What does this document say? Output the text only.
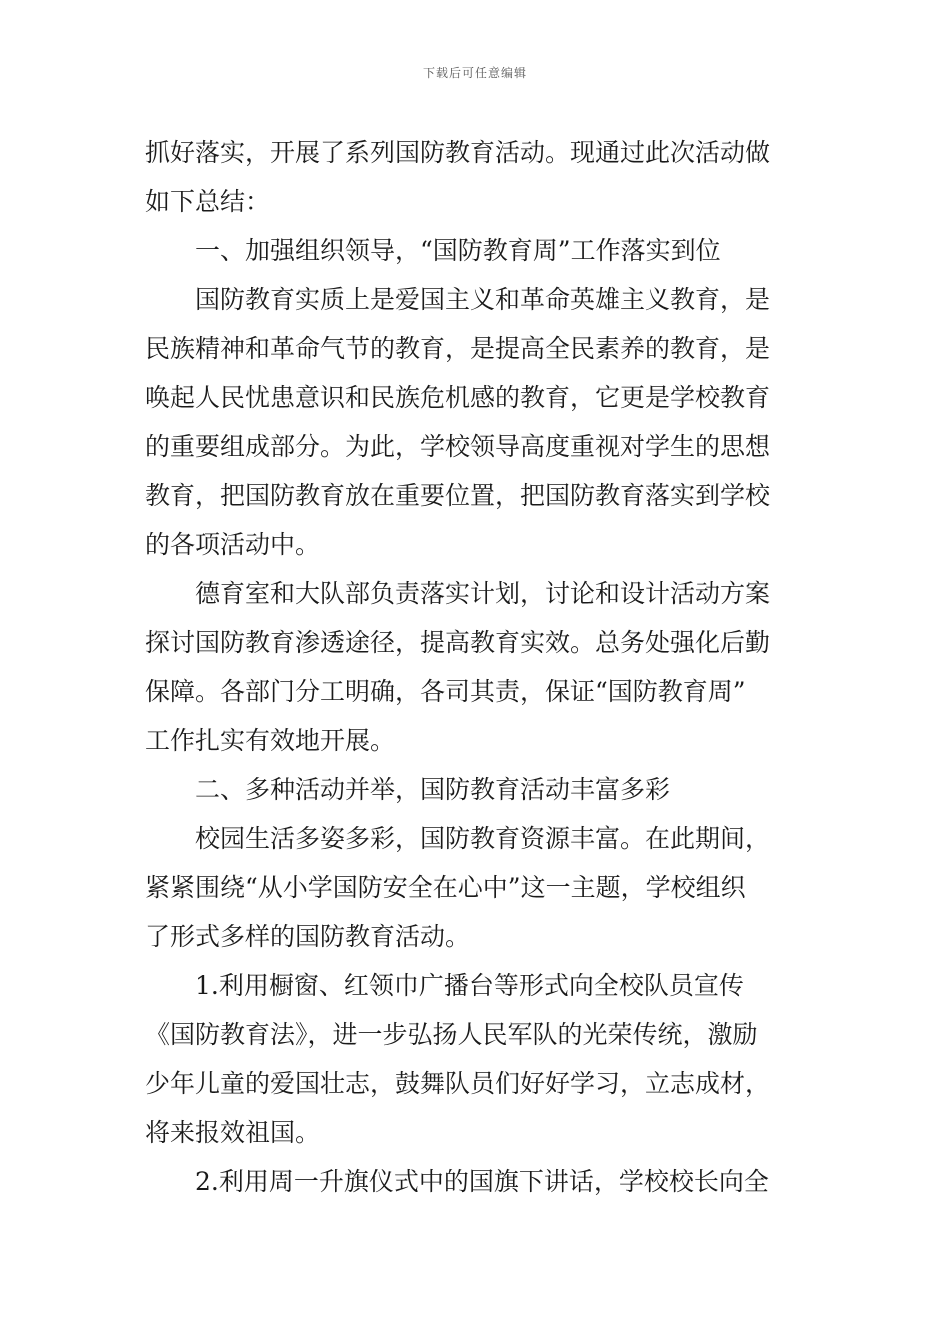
下载后可任意编辑
抓好落实，开展了系列国防教育活动。现通过此次活动做
如下总结：
一、加强组织领导，“国防教育周”工作落实到位
国防教育实质上是爱国主义和革命英雄主义教育，是
民族精神和革命气节的教育，是提高全民素养的教育，是
唤起人民忧患意识和民族危机感的教育，它更是学校教育
的重要组成部分。为此，学校领导高度重视对学生的思想
教育，把国防教育放在重要位置，把国防教育落实到学校
的各项活动中。
德育室和大队部负责落实计划，讨论和设计活动方案
探讨国防教育渗透途径，提高教育实效。总务处强化后勤
保障。各部门分工明确，各司其责，保证“国防教育周”
工作扎实有效地开展。
二、多种活动并举，国防教育活动丰富多彩
校园生活多姿多彩，国防教育资源丰富。在此期间，
紧紧围绕“从小学国防安全在心中”这一主题，学校组织
了形式多样的国防教育活动。
1.利用橱窗、红领巾广播台等形式向全校队员宣传
《国防教育法》，进一步弘扬人民军队的光荣传统，激励
少年儿童的爱国壮志，鼓舞队员们好好学习，立志成材，
将来报效祖国。
2.利用周一升旗仪式中的国旗下讲话，学校校长向全
